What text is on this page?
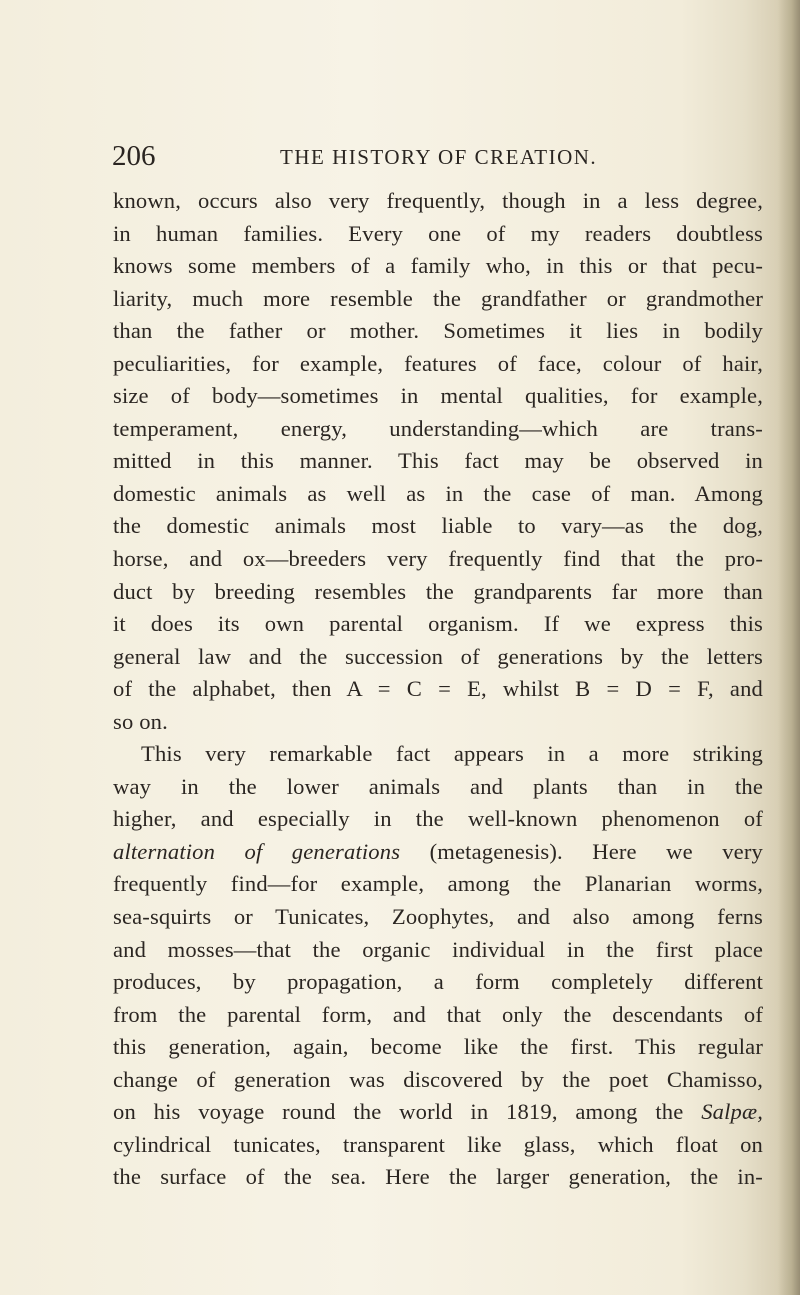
206	THE HISTORY OF CREATION.
known, occurs also very frequently, though in a less degree,
in human families. Every one of my readers doubtless
knows some members of a family who, in this or that pecu-
liarity, much more resemble the grandfather or grandmother
than the father or mother. Sometimes it lies in bodily
peculiarities, for example, features of face, colour of hair,
size of body—sometimes in mental qualities, for example,
temperament, energy, understanding—which are trans-
mitted in this manner. This fact may be observed in
domestic animals as well as in the case of man. Among
the domestic animals most liable to vary—as the dog,
horse, and ox—breeders very frequently find that the pro-
duct by breeding resembles the grandparents far more than
it does its own parental organism. If we express this
general law and the succession of generations by the letters
of the alphabet, then A = C = E, whilst B = D = F, and
so on.
This very remarkable fact appears in a more striking
way in the lower animals and plants than in the
higher, and especially in the well-known phenomenon of
alternation of generations (metagenesis). Here we very
frequently find—for example, among the Planarian worms,
sea-squirts or Tunicates, Zoophytes, and also among ferns
and mosses—that the organic individual in the first place
produces, by propagation, a form completely different
from the parental form, and that only the descendants of
this generation, again, become like the first. This regular
change of generation was discovered by the poet Chamisso,
on his voyage round the world in 1819, among the Salpæ,
cylindrical tunicates, transparent like glass, which float on
the surface of the sea. Here the larger generation, the in-
